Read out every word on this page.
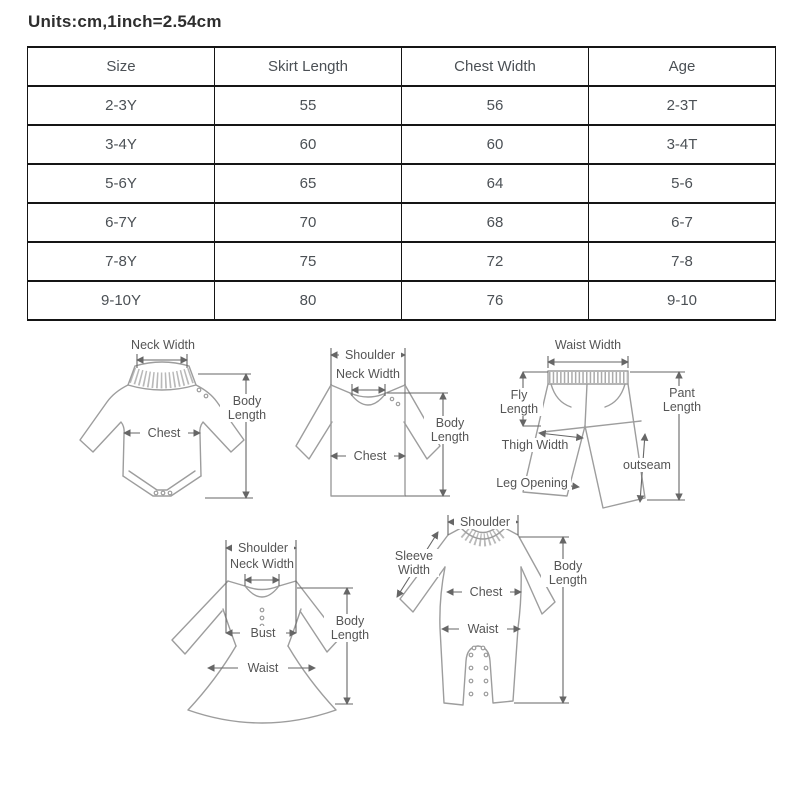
Units:cm,1inch=2.54cm
Size	Skirt Length	Chest Width	Age
2-3Y	55	56	2-3T
3-4Y	60	60	3-4T
5-6Y	65	64	5-6
6-7Y	70	68	6-7
7-8Y	75	72	7-8
9-10Y	80	76	9-10
Neck Width
Chest
Body Length
Shoulder
Neck Width
Chest
Body Length
Waist Width
Fly Length
Pant Length
Thigh Width
outseam
Leg Opening
Shoulder
Neck Width
Bust
Waist
Body Length
Shoulder
Sleeve Width
Chest
Waist
Body Length
